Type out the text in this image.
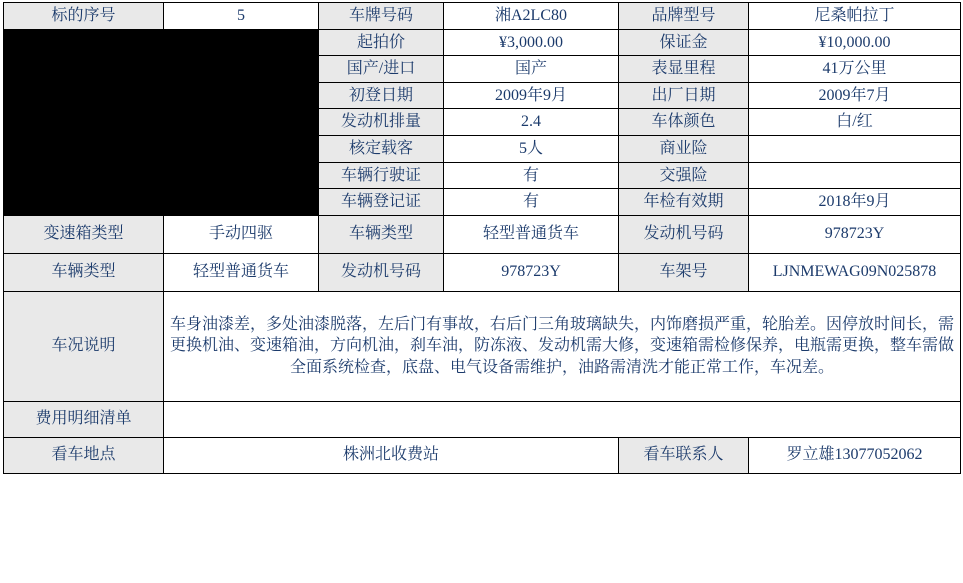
标的序号	5	车牌号码	湘A2LC80	品牌型号	尼桑帕拉丁

	起拍价	¥3,000.00	保证金	¥10,000.00
		国产/进口	国产	表显里程	41万公里
		初登日期	2009年9月	出厂日期	2009年7月
		发动机排量	2.4	车体颜色	白/红
		核定载客	5人	商业险	
		车辆行驶证	有	交强险	
		车辆登记证	有	年检有效期	2018年9月
变速箱类型	手动四驱	车辆类型	轻型普通货车	发动机号码	978723Y
车辆类型	轻型普通货车	发动机号码	978723Y	车架号	LJNMEWAG09N025878
车况说明	车身油漆差，多处油漆脱落，左后门有事故，右后门三角玻璃缺失，内饰磨损严重，轮胎差。因停放时间长，需更换机油、变速箱油，方向机油，刹车油，防冻液、发动机需大修，变速箱需检修保养，电瓶需更换，整车需做全面系统检查，底盘、电气设备需维护，油路需清洗才能正常工作，车况差。				
费用明细清单					
看车地点	株洲北收费站			看车联系人	罗立雄13077052062
